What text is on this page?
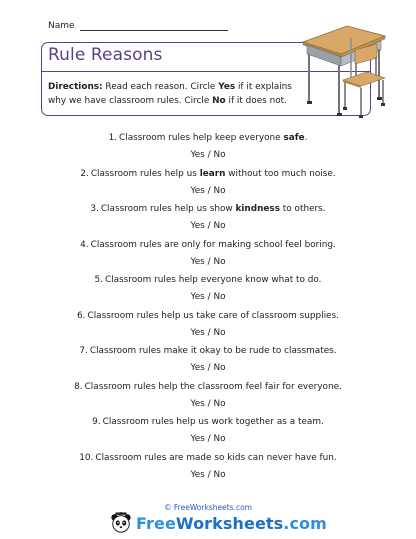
Name
Rule Reasons
Directions: Read each reason. Circle Yes if it explains why we have classroom rules. Circle No if it does not.
1. Classroom rules help keep everyone safe.
Yes / No
2. Classroom rules help us learn without too much noise.
Yes / No
3. Classroom rules help us show kindness to others.
Yes / No
4. Classroom rules are only for making school feel boring.
Yes / No
5. Classroom rules help everyone know what to do.
Yes / No
6. Classroom rules help us take care of classroom supplies.
Yes / No
7. Classroom rules make it okay to be rude to classmates.
Yes / No
8. Classroom rules help the classroom feel fair for everyone.
Yes / No
9. Classroom rules help us work together as a team.
Yes / No
10. Classroom rules are made so kids can never have fun.
Yes / No
© FreeWorksheets.com
Free Worksheets .com
